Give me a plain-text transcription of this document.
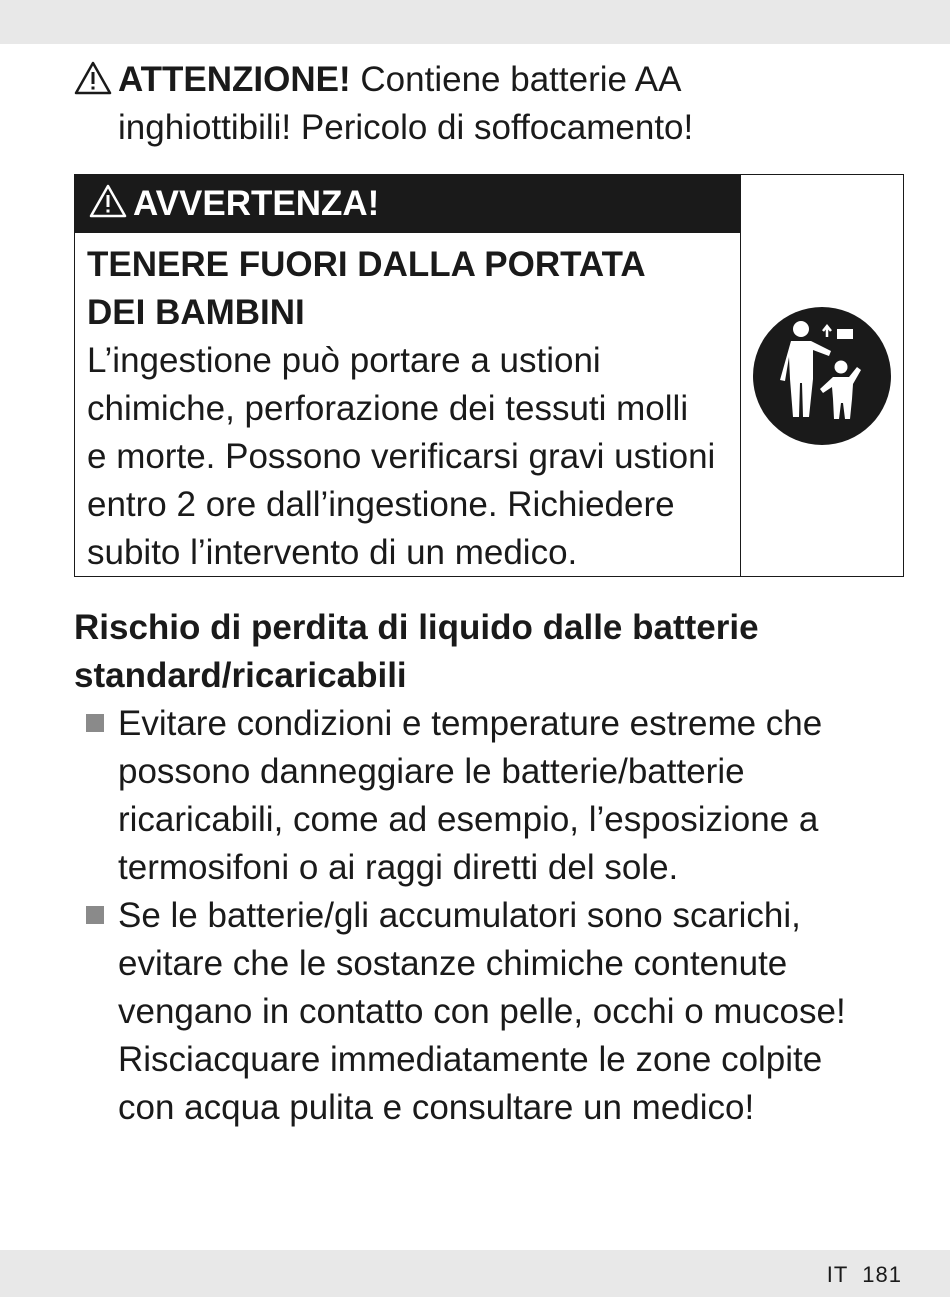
ATTENZIONE! Contiene batterie AA
inghiottibili! Pericolo di soffocamento!
AVVERTENZA!
TENERE FUORI DALLA PORTATA
DEI BAMBINI
L’ingestione può portare a ustioni
chimiche, perforazione dei tessuti molli
e morte. Possono verificarsi gravi ustioni
entro 2 ore dall’ingestione. Richiedere
subito l’intervento di un medico.
Rischio di perdita di liquido dalle batterie
standard/ricaricabili
Evitare condizioni e temperature estreme che
possono danneggiare le batterie/batterie
ricaricabili, come ad esempio, l’esposizione a
termosifoni o ai raggi diretti del sole.
Se le batterie/gli accumulatori sono scarichi,
evitare che le sostanze chimiche contenute
vengano in contatto con pelle, occhi o mucose!
Risciacquare immediatamente le zone colpite
con acqua pulita e consultare un medico!
IT 181
